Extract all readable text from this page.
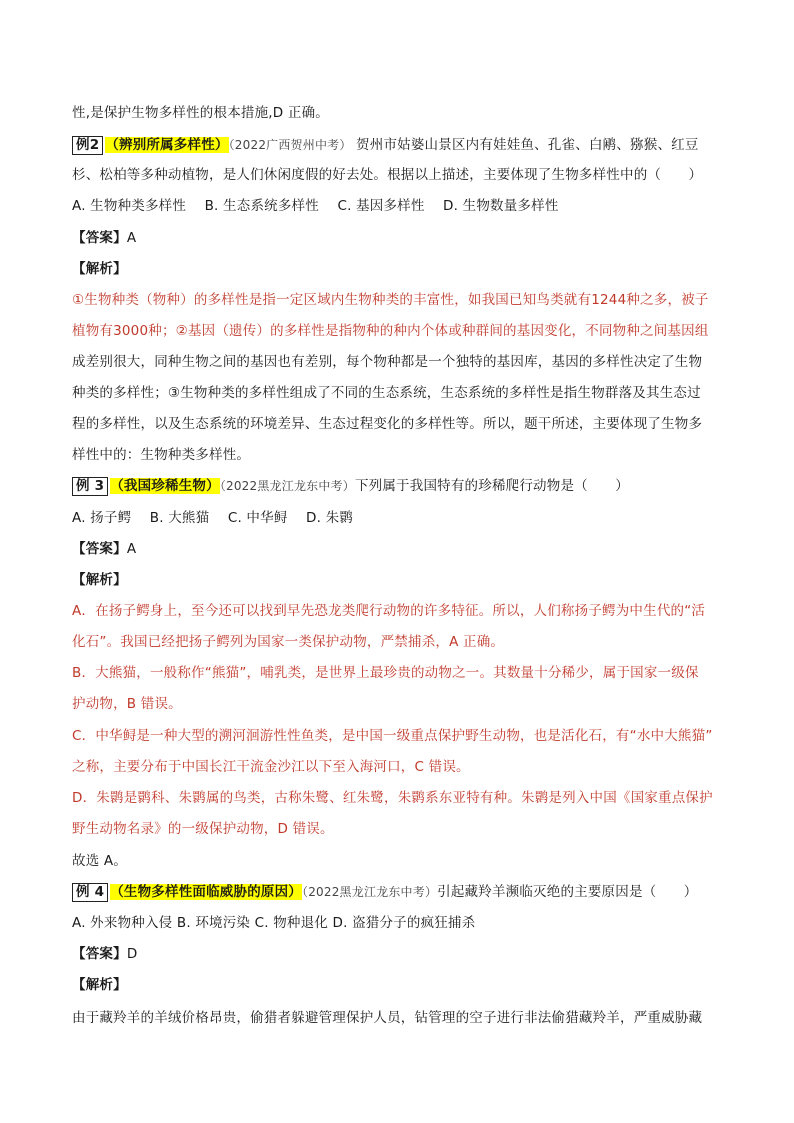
性,是保护生物多样性的根本措施,D 正确。
例2 （辨别所属多样性）（2022广西贺州中考） 贺州市姑婆山景区内有娃娃鱼、孔雀、白鹇、猕猴、红豆
杉、松柏等多种动植物，是人们休闲度假的好去处。根据以上描述，主要体现了生物多样性中的（　　）
A. 生物种类多样性 B. 生态系统多样性 C. 基因多样性 D. 生物数量多样性
【答案】A
【解析】
①生物种类（物种）的多样性是指一定区域内生物种类的丰富性，如我国已知鸟类就有1244种之多，被子
植物有3000种；②基因（遗传）的多样性是指物种的种内个体或种群间的基因变化，不同物种之间基因组
成差别很大，同种生物之间的基因也有差别，每个物种都是一个独特的基因库，基因的多样性决定了生物
种类的多样性；③生物种类的多样性组成了不同的生态系统，生态系统的多样性是指生物群落及其生态过
程的多样性，以及生态系统的环境差异、生态过程变化的多样性等。所以，题干所述，主要体现了生物多
样性中的：生物种类多样性。
例 3 （我国珍稀生物）（2022黑龙江龙东中考）下列属于我国特有的珍稀爬行动物是（　　）
A. 扬子鳄 B. 大熊猫 C. 中华鲟 D. 朱鹮
【答案】A
【解析】
A．在扬子鳄身上，至今还可以找到早先恐龙类爬行动物的许多特征。所以，人们称扬子鳄为中生代的“活
化石”。我国已经把扬子鳄列为国家一类保护动物，严禁捕杀，A 正确。
B．大熊猫，一般称作“熊猫”，哺乳类，是世界上最珍贵的动物之一。其数量十分稀少，属于国家一级保
护动物，B 错误。
C．中华鲟是一种大型的溯河洄游性性鱼类，是中国一级重点保护野生动物，也是活化石，有“水中大熊猫”
之称，主要分布于中国长江干流金沙江以下至入海河口，C 错误。
D．朱鹮是鹮科、朱鹮属的鸟类，古称朱鹭、红朱鹭，朱鹮系东亚特有种。朱鹮是列入中国《国家重点保护
野生动物名录》的一级保护动物，D 错误。
故选 A。
例 4 （生物多样性面临威胁的原因）（2022黑龙江龙东中考）引起藏羚羊濒临灭绝的主要原因是（　　）
A. 外来物种入侵 B. 环境污染 C. 物种退化 D. 盗猎分子的疯狂捕杀
【答案】D
【解析】
由于藏羚羊的羊绒价格昂贵，偷猎者躲避管理保护人员，钻管理的空子进行非法偷猎藏羚羊，严重威胁藏
